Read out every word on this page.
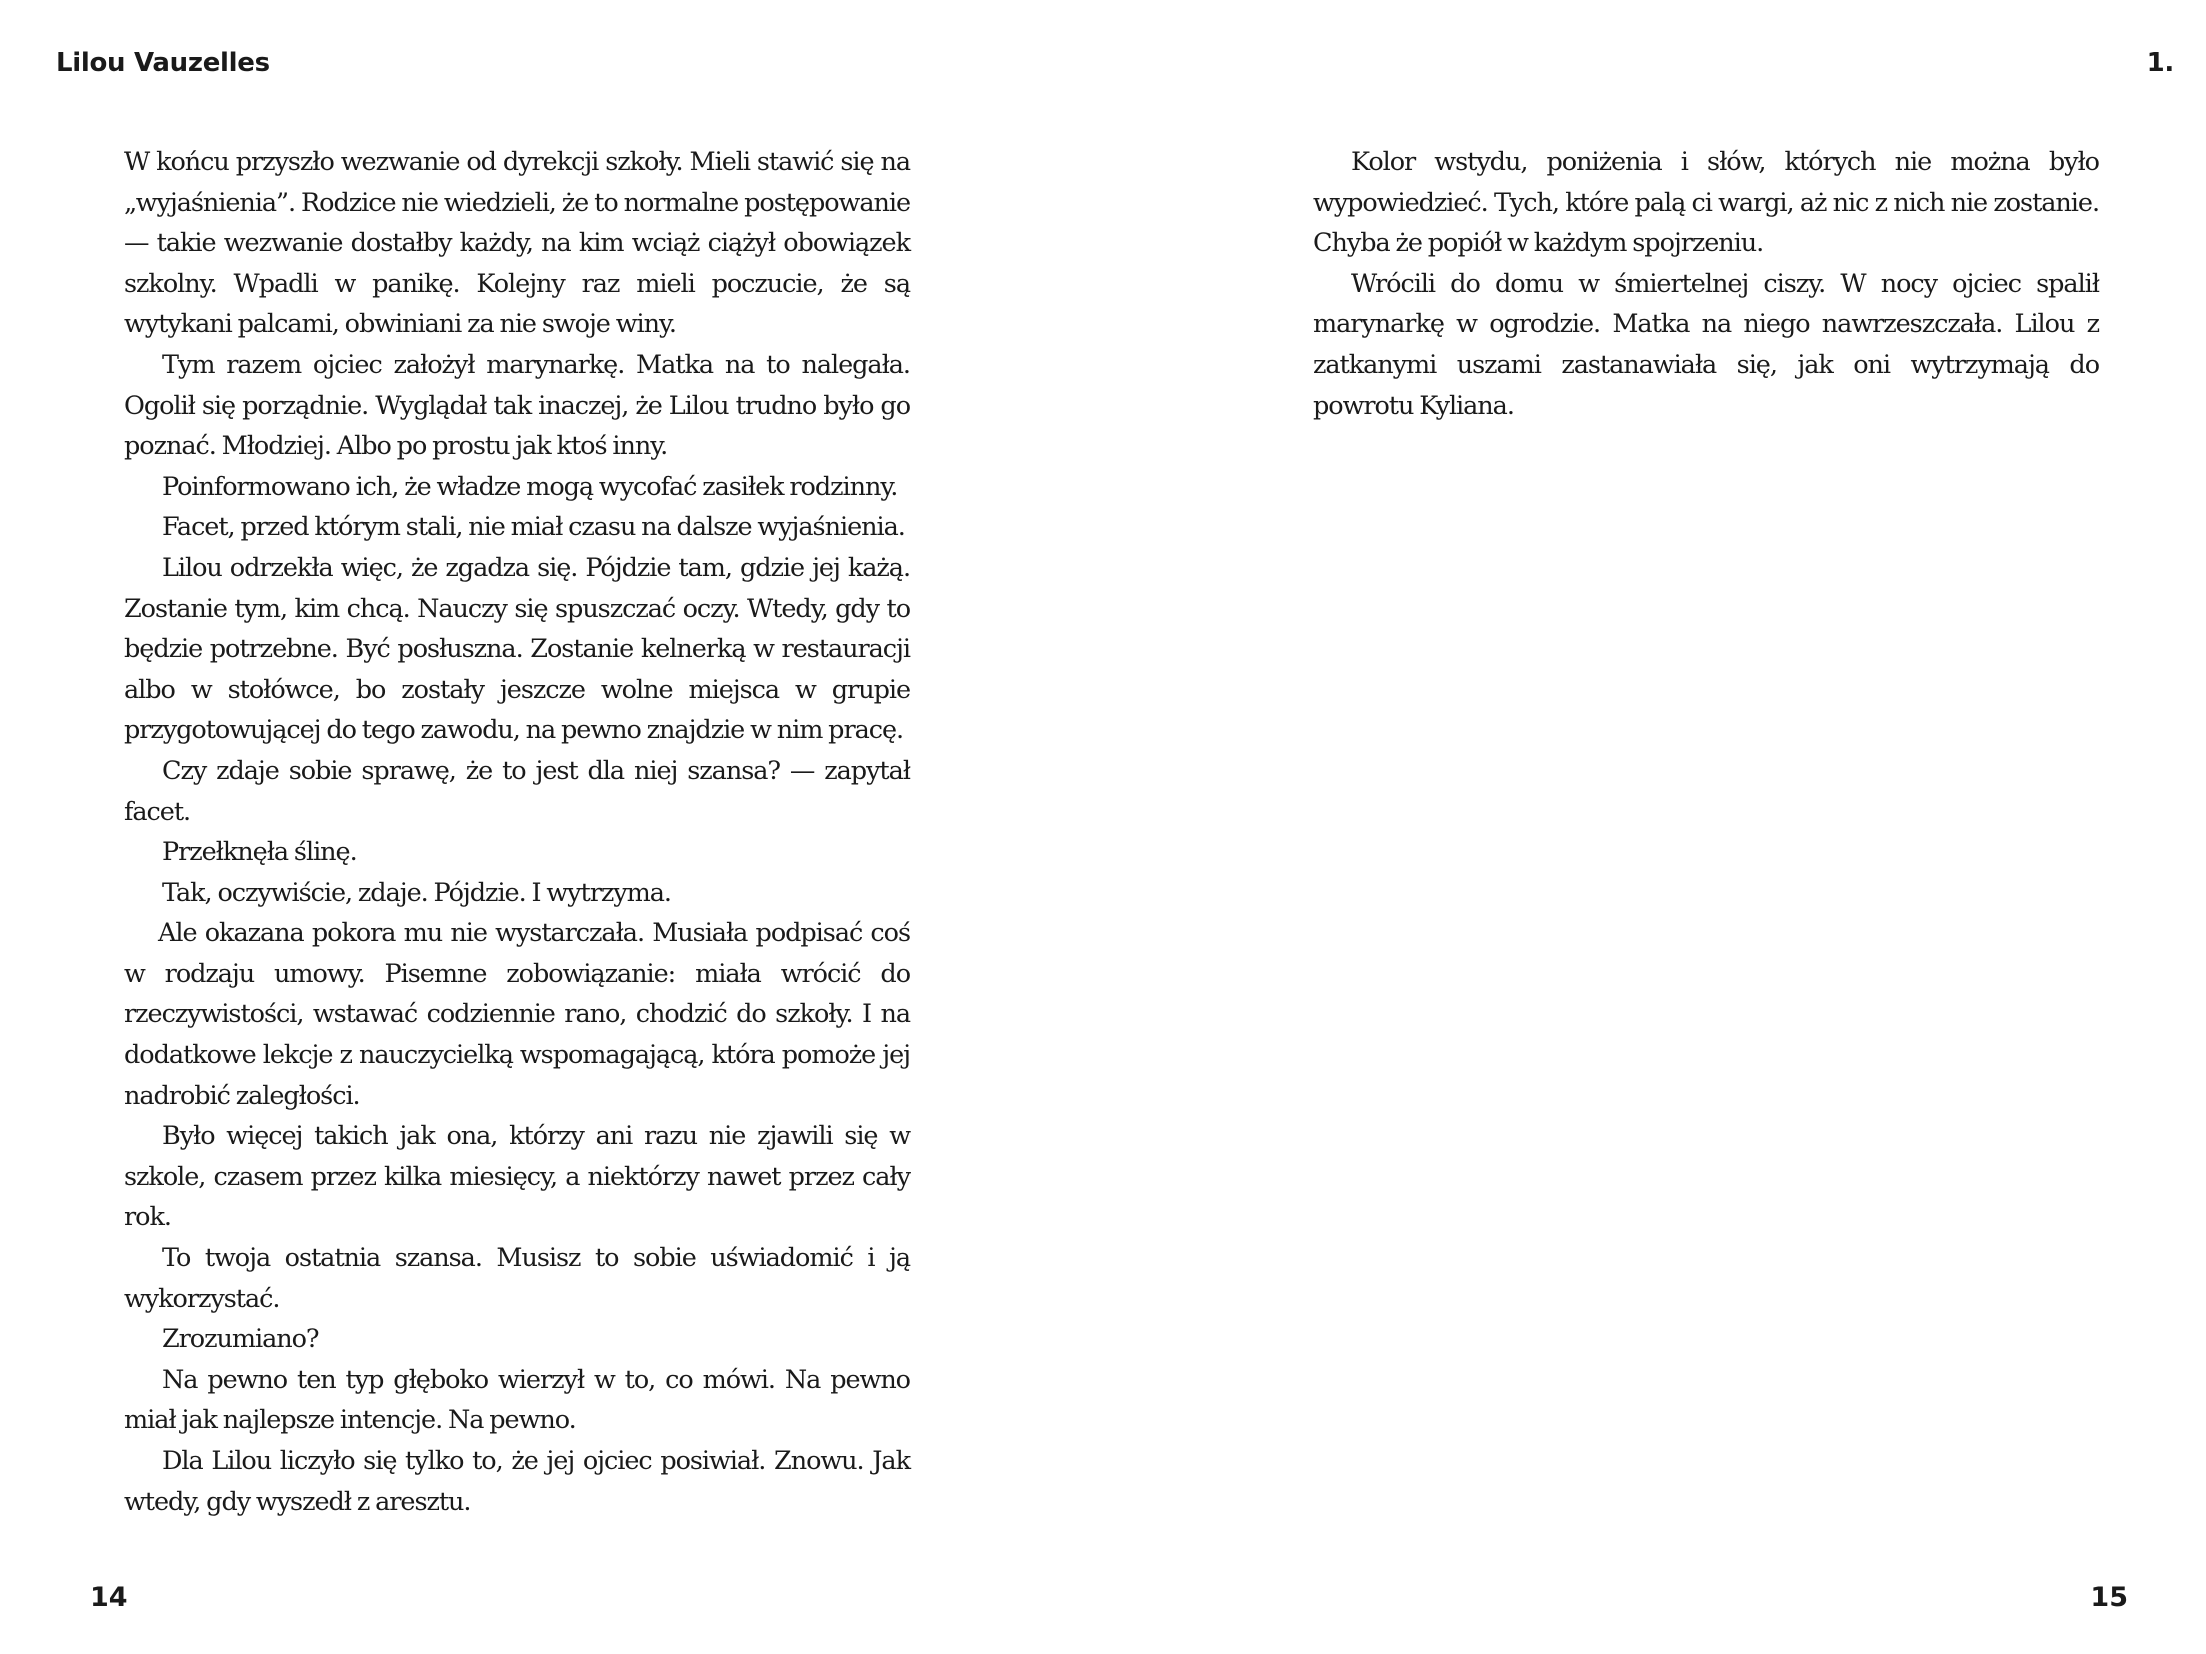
Lilou Vauzelles	1.

W końcu przyszło wezwanie od dyrekcji szkoły. Mieli stawić się na „wyjaśnienia”. Rodzice nie wiedzieli, że to normalne postępowanie — takie wezwanie dostałby każdy, na kim wciąż ciążył obowiązek szkolny. Wpadli w panikę. Kolejny raz mieli poczucie, że są wytykani palcami, obwiniani za nie swoje winy.

Tym razem ojciec założył marynarkę. Matka na to nalegała. Ogolił się porządnie. Wyglądał tak inaczej, że Lilou trudno było go poznać. Młodziej. Albo po prostu jak ktoś inny.

Poinformowano ich, że władze mogą wycofać zasiłek rodzinny.

Facet, przed którym stali, nie miał czasu na dalsze wyjaśnienia.

Lilou odrzekła więc, że zgadza się. Pójdzie tam, gdzie jej każą. Zostanie tym, kim chcą. Nauczy się spuszczać oczy. Wtedy, gdy to będzie potrzebne. Być posłuszna. Zostanie kelnerką w restauracji albo w stołówce, bo zostały jeszcze wolne miejsca w grupie przygotowującej do tego zawodu, na pewno znajdzie w nim pracę.

Czy zdaje sobie sprawę, że to jest dla niej szansa? — zapytał facet.

Przełknęła ślinę.

Tak, oczywiście, zdaje. Pójdzie. I wytrzyma.

Ale okazana pokora mu nie wystarczała. Musiała podpisać coś w rodzaju umowy. Pisemne zobowiązanie: miała wrócić do rzeczywistości, wstawać codziennie rano, chodzić do szkoły. I na dodatkowe lekcje z nauczycielką wspomagającą, która pomoże jej nadrobić zaległości.

Było więcej takich jak ona, którzy ani razu nie zjawili się w szkole, czasem przez kilka miesięcy, a niektórzy nawet przez cały rok.

To twoja ostatnia szansa. Musisz to sobie uświadomić i ją wykorzystać.

Zrozumiano?

Na pewno ten typ głęboko wierzył w to, co mówi. Na pewno miał jak najlepsze intencje. Na pewno.

Dla Lilou liczyło się tylko to, że jej ojciec posiwiał. Znowu. Jak wtedy, gdy wyszedł z aresztu.

Kolor wstydu, poniżenia i słów, których nie można było wypowiedzieć. Tych, które palą ci wargi, aż nic z nich nie zostanie. Chyba że popiół w każdym spojrzeniu.

Wrócili do domu w śmiertelnej ciszy. W nocy ojciec spalił marynarkę w ogrodzie. Matka na niego nawrzeszczała. Lilou z zatkanymi uszami zastanawiała się, jak oni wytrzymają do powrotu Kyliana.

14	15
